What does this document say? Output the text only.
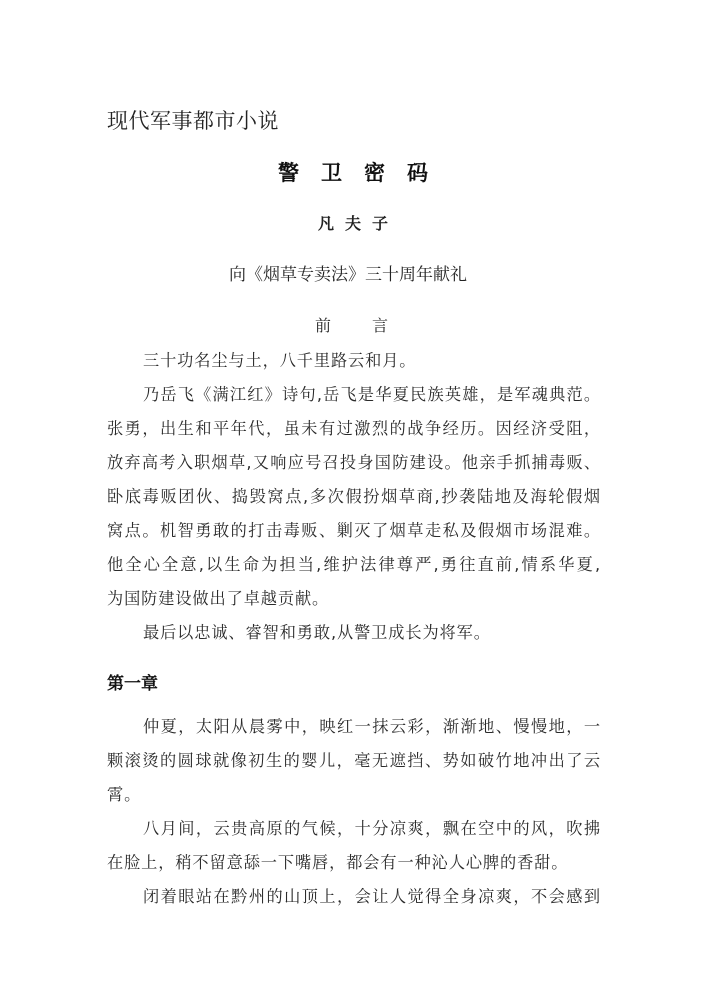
现代军事都市小说
警 卫 密 码
凡 夫 子
向《烟草专卖法》三十周年献礼
前	言
三十功名尘与土，八千里路云和月。
乃岳飞《满江红》诗句,岳飞是华夏民族英雄，是军魂典范。
张勇，出生和平年代，虽未有过激烈的战争经历。因经济受阻，
放弃高考入职烟草,又响应号召投身国防建设。他亲手抓捕毒贩、
卧底毒贩团伙、捣毁窝点,多次假扮烟草商,抄袭陆地及海轮假烟
窝点。机智勇敢的打击毒贩、剿灭了烟草走私及假烟市场混难。
他全心全意,以生命为担当,维护法律尊严,勇往直前,情系华夏,
为国防建设做出了卓越贡献。
最后以忠诚、睿智和勇敢,从警卫成长为将军。
第一章
仲夏，太阳从晨雾中，映红一抹云彩，渐渐地、慢慢地，一
颗滚烫的圆球就像初生的婴儿，毫无遮挡、势如破竹地冲出了云
霄。
八月间，云贵高原的气候，十分凉爽，飘在空中的风，吹拂
在脸上，稍不留意舔一下嘴唇，都会有一种沁人心脾的香甜。
闭着眼站在黔州的山顶上，会让人觉得全身凉爽，不会感到
